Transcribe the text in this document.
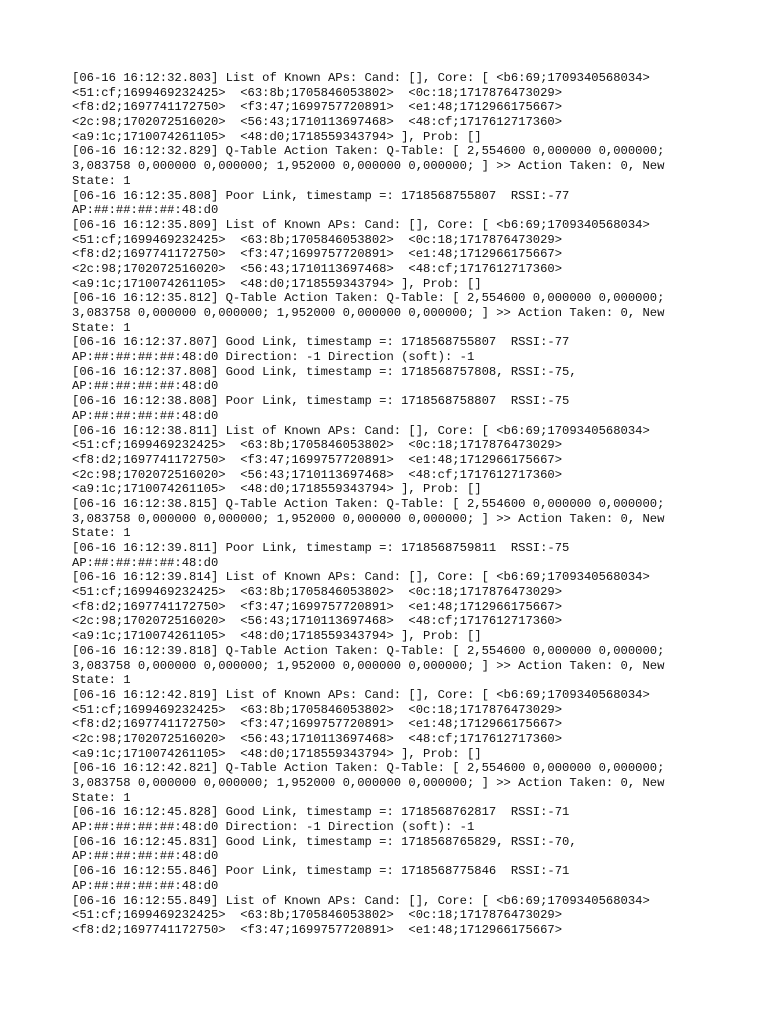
[06-16 16:12:32.803] List of Known APs: Cand: [], Core: [ <b6:69;1709340568034>
<51:cf;1699469232425>  <63:8b;1705846053802>  <0c:18;1717876473029>
<f8:d2;1697741172750>  <f3:47;1699757720891>  <e1:48;1712966175667>
<2c:98;1702072516020>  <56:43;1710113697468>  <48:cf;1717612717360>
<a9:1c;1710074261105>  <48:d0;1718559343794> ], Prob: []
[06-16 16:12:32.829] Q-Table Action Taken: Q-Table: [ 2,554600 0,000000 0,000000;
3,083758 0,000000 0,000000; 1,952000 0,000000 0,000000; ] >> Action Taken: 0, New
State: 1
[06-16 16:12:35.808] Poor Link, timestamp =: 1718568755807  RSSI:-77
AP:##:##:##:##:48:d0
[06-16 16:12:35.809] List of Known APs: Cand: [], Core: [ <b6:69;1709340568034>
<51:cf;1699469232425>  <63:8b;1705846053802>  <0c:18;1717876473029>
<f8:d2;1697741172750>  <f3:47;1699757720891>  <e1:48;1712966175667>
<2c:98;1702072516020>  <56:43;1710113697468>  <48:cf;1717612717360>
<a9:1c;1710074261105>  <48:d0;1718559343794> ], Prob: []
[06-16 16:12:35.812] Q-Table Action Taken: Q-Table: [ 2,554600 0,000000 0,000000;
3,083758 0,000000 0,000000; 1,952000 0,000000 0,000000; ] >> Action Taken: 0, New
State: 1
[06-16 16:12:37.807] Good Link, timestamp =: 1718568755807  RSSI:-77
AP:##:##:##:##:48:d0 Direction: -1 Direction (soft): -1
[06-16 16:12:37.808] Good Link, timestamp =: 1718568757808, RSSI:-75,
AP:##:##:##:##:48:d0
[06-16 16:12:38.808] Poor Link, timestamp =: 1718568758807  RSSI:-75
AP:##:##:##:##:48:d0
[06-16 16:12:38.811] List of Known APs: Cand: [], Core: [ <b6:69;1709340568034>
<51:cf;1699469232425>  <63:8b;1705846053802>  <0c:18;1717876473029>
<f8:d2;1697741172750>  <f3:47;1699757720891>  <e1:48;1712966175667>
<2c:98;1702072516020>  <56:43;1710113697468>  <48:cf;1717612717360>
<a9:1c;1710074261105>  <48:d0;1718559343794> ], Prob: []
[06-16 16:12:38.815] Q-Table Action Taken: Q-Table: [ 2,554600 0,000000 0,000000;
3,083758 0,000000 0,000000; 1,952000 0,000000 0,000000; ] >> Action Taken: 0, New
State: 1
[06-16 16:12:39.811] Poor Link, timestamp =: 1718568759811  RSSI:-75
AP:##:##:##:##:48:d0
[06-16 16:12:39.814] List of Known APs: Cand: [], Core: [ <b6:69;1709340568034>
<51:cf;1699469232425>  <63:8b;1705846053802>  <0c:18;1717876473029>
<f8:d2;1697741172750>  <f3:47;1699757720891>  <e1:48;1712966175667>
<2c:98;1702072516020>  <56:43;1710113697468>  <48:cf;1717612717360>
<a9:1c;1710074261105>  <48:d0;1718559343794> ], Prob: []
[06-16 16:12:39.818] Q-Table Action Taken: Q-Table: [ 2,554600 0,000000 0,000000;
3,083758 0,000000 0,000000; 1,952000 0,000000 0,000000; ] >> Action Taken: 0, New
State: 1
[06-16 16:12:42.819] List of Known APs: Cand: [], Core: [ <b6:69;1709340568034>
<51:cf;1699469232425>  <63:8b;1705846053802>  <0c:18;1717876473029>
<f8:d2;1697741172750>  <f3:47;1699757720891>  <e1:48;1712966175667>
<2c:98;1702072516020>  <56:43;1710113697468>  <48:cf;1717612717360>
<a9:1c;1710074261105>  <48:d0;1718559343794> ], Prob: []
[06-16 16:12:42.821] Q-Table Action Taken: Q-Table: [ 2,554600 0,000000 0,000000;
3,083758 0,000000 0,000000; 1,952000 0,000000 0,000000; ] >> Action Taken: 0, New
State: 1
[06-16 16:12:45.828] Good Link, timestamp =: 1718568762817  RSSI:-71
AP:##:##:##:##:48:d0 Direction: -1 Direction (soft): -1
[06-16 16:12:45.831] Good Link, timestamp =: 1718568765829, RSSI:-70,
AP:##:##:##:##:48:d0
[06-16 16:12:55.846] Poor Link, timestamp =: 1718568775846  RSSI:-71
AP:##:##:##:##:48:d0
[06-16 16:12:55.849] List of Known APs: Cand: [], Core: [ <b6:69;1709340568034>
<51:cf;1699469232425>  <63:8b;1705846053802>  <0c:18;1717876473029>
<f8:d2;1697741172750>  <f3:47;1699757720891>  <e1:48;1712966175667>
